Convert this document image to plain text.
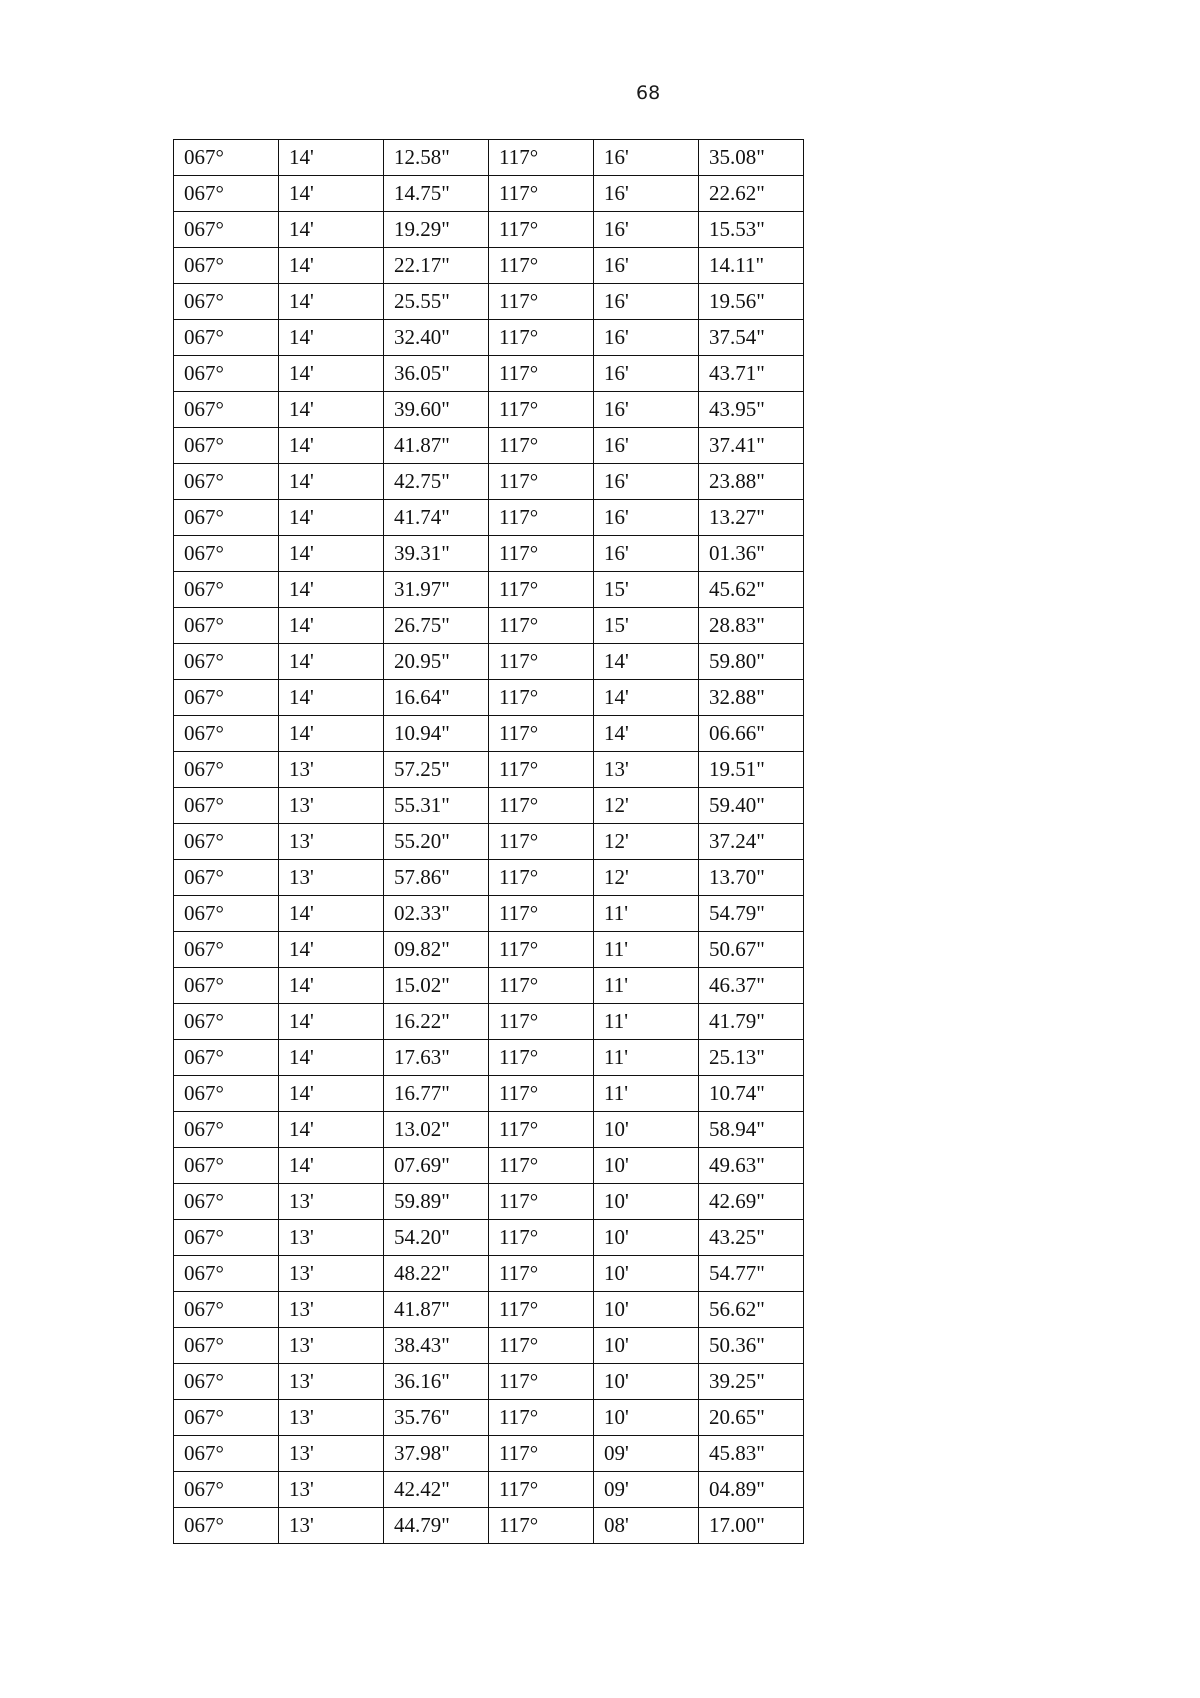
68
067°	14'	12.58"	117°	16'	35.08"
067°	14'	14.75"	117°	16'	22.62"
067°	14'	19.29"	117°	16'	15.53"
067°	14'	22.17"	117°	16'	14.11"
067°	14'	25.55"	117°	16'	19.56"
067°	14'	32.40"	117°	16'	37.54"
067°	14'	36.05"	117°	16'	43.71"
067°	14'	39.60"	117°	16'	43.95"
067°	14'	41.87"	117°	16'	37.41"
067°	14'	42.75"	117°	16'	23.88"
067°	14'	41.74"	117°	16'	13.27"
067°	14'	39.31"	117°	16'	01.36"
067°	14'	31.97"	117°	15'	45.62"
067°	14'	26.75"	117°	15'	28.83"
067°	14'	20.95"	117°	14'	59.80"
067°	14'	16.64"	117°	14'	32.88"
067°	14'	10.94"	117°	14'	06.66"
067°	13'	57.25"	117°	13'	19.51"
067°	13'	55.31"	117°	12'	59.40"
067°	13'	55.20"	117°	12'	37.24"
067°	13'	57.86"	117°	12'	13.70"
067°	14'	02.33"	117°	11'	54.79"
067°	14'	09.82"	117°	11'	50.67"
067°	14'	15.02"	117°	11'	46.37"
067°	14'	16.22"	117°	11'	41.79"
067°	14'	17.63"	117°	11'	25.13"
067°	14'	16.77"	117°	11'	10.74"
067°	14'	13.02"	117°	10'	58.94"
067°	14'	07.69"	117°	10'	49.63"
067°	13'	59.89"	117°	10'	42.69"
067°	13'	54.20"	117°	10'	43.25"
067°	13'	48.22"	117°	10'	54.77"
067°	13'	41.87"	117°	10'	56.62"
067°	13'	38.43"	117°	10'	50.36"
067°	13'	36.16"	117°	10'	39.25"
067°	13'	35.76"	117°	10'	20.65"
067°	13'	37.98"	117°	09'	45.83"
067°	13'	42.42"	117°	09'	04.89"
067°	13'	44.79"	117°	08'	17.00"
